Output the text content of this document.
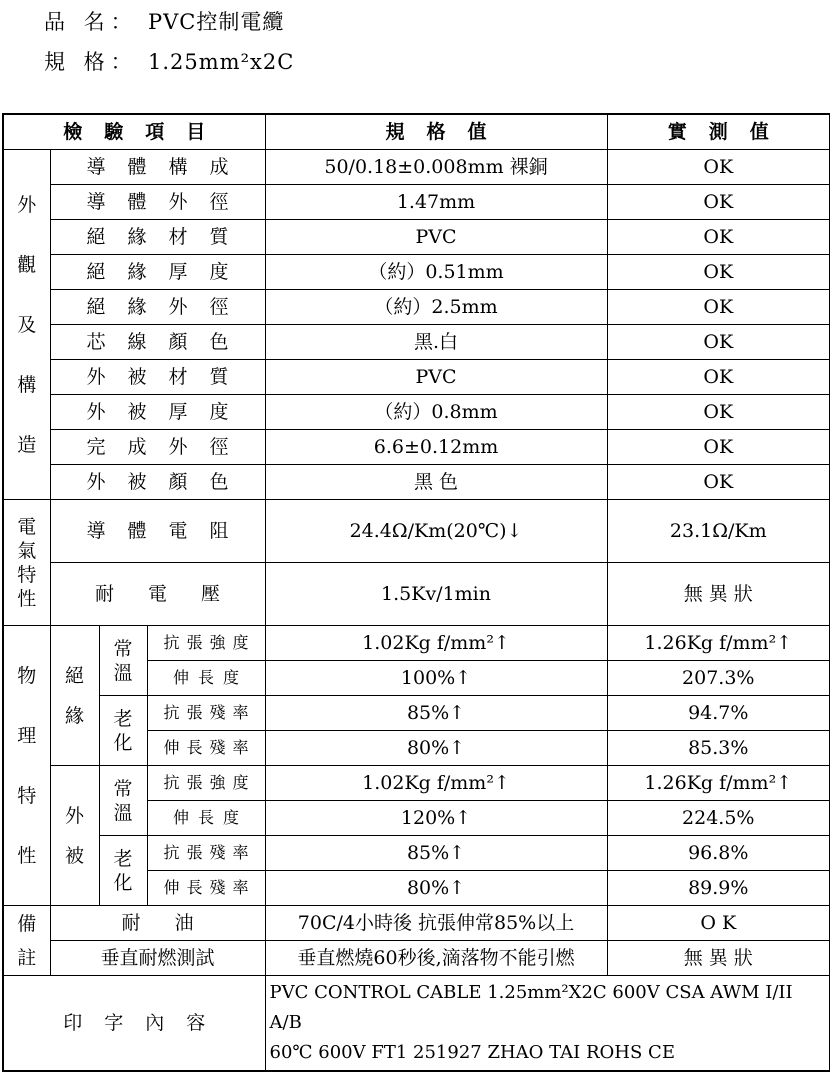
品 名： PVC控制電纜
規 格： 1.25mm²x2C
檢驗項目				規格值	實測值
外觀及構造	導體構成			50/0.18±0.008mm 裸銅	OK
	導體外徑			1.47mm	OK
	絕緣材質			PVC	OK
	絕緣厚度			（約）0.51mm	OK
	絕緣外徑			（約）2.5mm	OK
	芯線顏色			黑.白	OK
	外被材質			PVC	OK
	外被厚度			（約）0.8mm	OK
	完成外徑			6.6±0.12mm	OK
	外被顏色			黑 色	OK
電氣特性	導體電阻			24.4Ω/Km(20℃)↓	23.1Ω/Km
	耐電壓			1.5Kv/1min	無 異 狀
物理特性	絕緣	常溫	抗張強度	1.02Kg f/mm²↑	1.26Kg f/mm²↑
			伸長度	100%↑	207.3%
		老化	抗張殘率	85%↑	94.7%
			伸長殘率	80%↑	85.3%
	外被	常溫	抗張強度	1.02Kg f/mm²↑	1.26Kg f/mm²↑
			伸長度	120%↑	224.5%
		老化	抗張殘率	85%↑	96.8%
			伸長殘率	80%↑	89.9%
備註	耐油			70C/4小時後 抗張伸常85%以上	O K
	垂直耐燃測試			垂直燃燒60秒後,滴落物不能引燃	無 異 狀
印字內容				PVC CONTROL CABLE 1.25mm²X2C 600V CSA AWM I/II A/B
60℃ 600V FT1 251927 ZHAO TAI ROHS CE	
